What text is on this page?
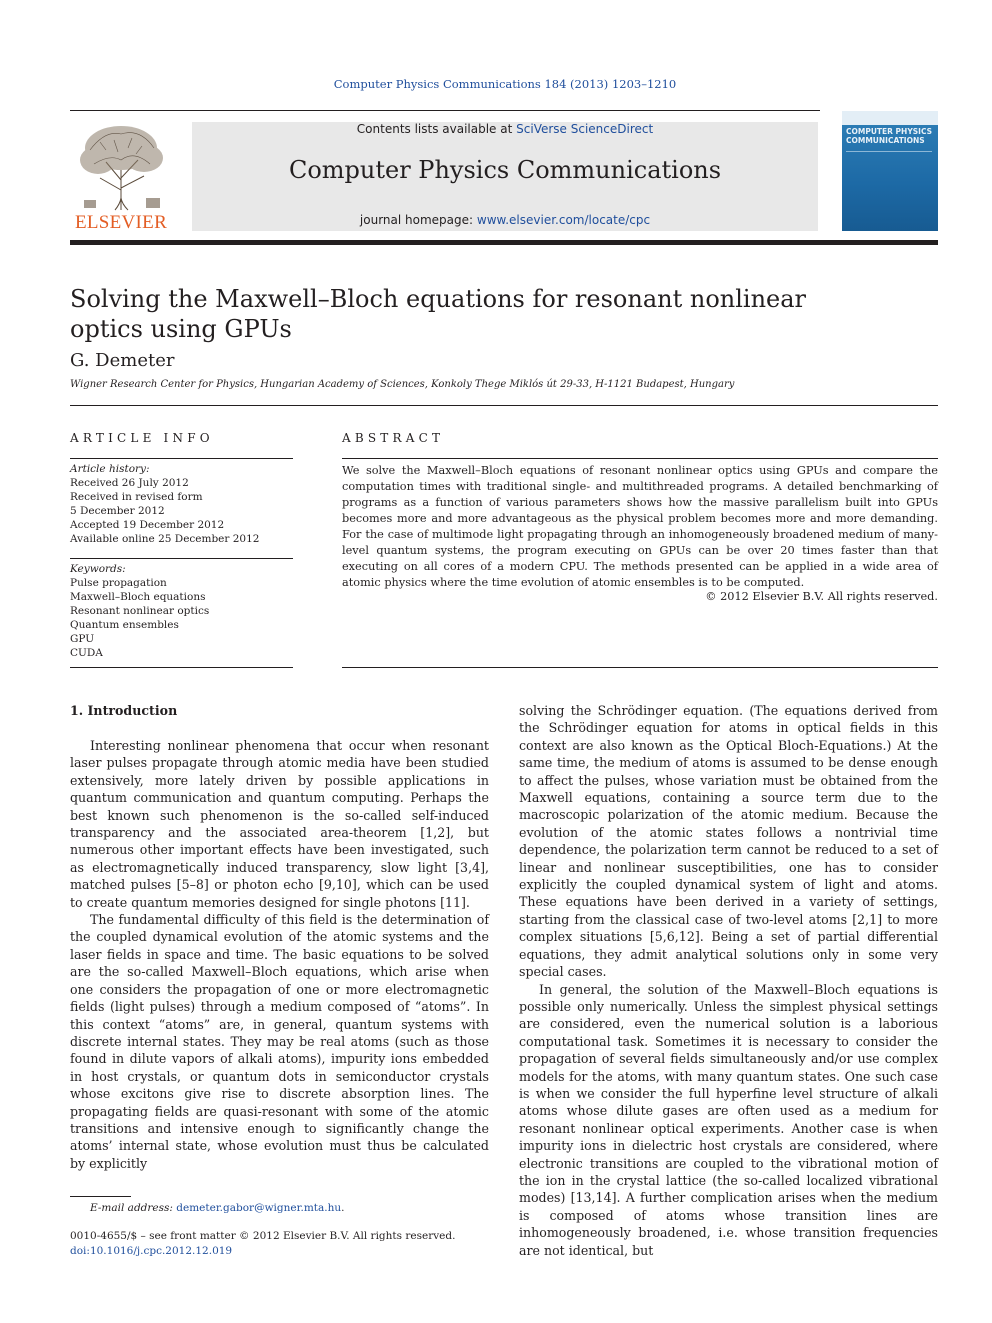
Computer Physics Communications 184 (2013) 1203–1210
ELSEVIER
Contents lists available at SciVerse ScienceDirect
Computer Physics Communications
journal homepage: www.elsevier.com/locate/cpc
COMPUTER PHYSICS COMMUNICATIONS
Solving the Maxwell–Bloch equations for resonant nonlinear optics using GPUs
G. Demeter
Wigner Research Center for Physics, Hungarian Academy of Sciences, Konkoly Thege Miklós út 29-33, H-1121 Budapest, Hungary
ARTICLE INFO
Article history:
Received 26 July 2012
Received in revised form
5 December 2012
Accepted 19 December 2012
Available online 25 December 2012
Keywords:
Pulse propagation
Maxwell–Bloch equations
Resonant nonlinear optics
Quantum ensembles
GPU
CUDA
ABSTRACT
We solve the Maxwell–Bloch equations of resonant nonlinear optics using GPUs and compare the computation times with traditional single- and multithreaded programs. A detailed benchmarking of programs as a function of various parameters shows how the massive parallelism built into GPUs becomes more and more advantageous as the physical problem becomes more and more demanding. For the case of multimode light propagating through an inhomogeneously broadened medium of many-level quantum systems, the program executing on GPUs can be over 20 times faster than that executing on all cores of a modern CPU. The methods presented can be applied in a wide area of atomic physics where the time evolution of atomic ensembles is to be computed.
© 2012 Elsevier B.V. All rights reserved.
1. Introduction

Interesting nonlinear phenomena that occur when resonant laser pulses propagate through atomic media have been studied extensively, more lately driven by possible applications in quantum communication and quantum computing. Perhaps the best known such phenomenon is the so-called self-induced transparency and the associated area-theorem [1,2], but numerous other important effects have been investigated, such as electromagnetically induced transparency, slow light [3,4], matched pulses [5–8] or photon echo [9,10], which can be used to create quantum memories designed for single photons [11].

The fundamental difficulty of this field is the determination of the coupled dynamical evolution of the atomic systems and the laser fields in space and time. The basic equations to be solved are the so-called Maxwell–Bloch equations, which arise when one considers the propagation of one or more electromagnetic fields (light pulses) through a medium composed of “atoms”. In this context “atoms” are, in general, quantum systems with discrete internal states. They may be real atoms (such as those found in dilute vapors of alkali atoms), impurity ions embedded in host crystals, or quantum dots in semiconductor crystals whose excitons give rise to discrete absorption lines. The propagating fields are quasi-resonant with some of the atomic transitions and intensive enough to significantly change the atoms’ internal state, whose evolution must thus be calculated by explicitly

solving the Schrödinger equation. (The equations derived from the Schrödinger equation for atoms in optical fields in this context are also known as the Optical Bloch-Equations.) At the same time, the medium of atoms is assumed to be dense enough to affect the pulses, whose variation must be obtained from the Maxwell equations, containing a source term due to the macroscopic polarization of the atomic medium. Because the evolution of the atomic states follows a nontrivial time dependence, the polarization term cannot be reduced to a set of linear and nonlinear susceptibilities, one has to consider explicitly the coupled dynamical system of light and atoms. These equations have been derived in a variety of settings, starting from the classical case of two-level atoms [2,1] to more complex situations [5,6,12]. Being a set of partial differential equations, they admit analytical solutions only in some very special cases.

In general, the solution of the Maxwell–Bloch equations is possible only numerically. Unless the simplest physical settings are considered, even the numerical solution is a laborious computational task. Sometimes it is necessary to consider the propagation of several fields simultaneously and/or use complex models for the atoms, with many quantum states. One such case is when we consider the full hyperfine level structure of alkali atoms whose dilute gases are often used as a medium for resonant nonlinear optical experiments. Another case is when impurity ions in dielectric host crystals are considered, where electronic transitions are coupled to the vibrational motion of the ion in the crystal lattice (the so-called localized vibrational modes) [13,14]. A further complication arises when the medium is composed of atoms whose transition lines are inhomogeneously broadened, i.e. whose transition frequencies are not identical, but

E-mail address: demeter.gabor@wigner.mta.hu.
0010-4655/$ – see front matter © 2012 Elsevier B.V. All rights reserved.
doi:10.1016/j.cpc.2012.12.019
